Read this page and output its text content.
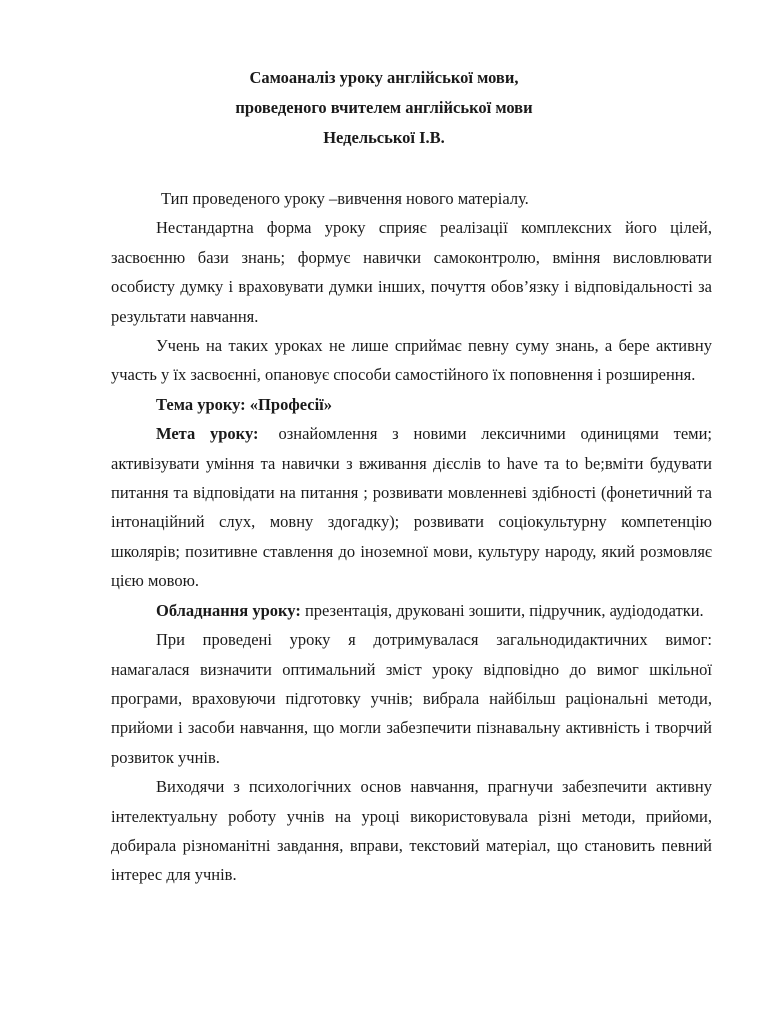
Самоаналіз уроку англійської мови,
проведеного вчителем англійської мови
Недельської І.В.

Тип проведеного уроку –вивчення нового матеріалу.

Нестандартна форма уроку сприяє реалізації комплексних його цілей, засвоєнню бази знань; формує навички самоконтролю, вміння висловлювати особисту думку і враховувати думки інших, почуття обов’язку і відповідальності за результати навчання.

Учень на таких уроках не лише сприймає певну суму знань, а бере активну участь у їх засвоєнні, опановує способи самостійного їх поповнення і розширення.

Тема уроку: «Професії»

Мета уроку: ознайомлення з новими лексичними одиницями теми; активізувати уміння та навички з вживання дієслів to have та to be;вміти будувати питання та відповідати на питання ; розвивати мовленневі здібності (фонетичний та інтонаційний слух, мовну здогадку); розвивати соціокультурну компетенцію школярів; позитивне ставлення до іноземної мови, культуру народу, який розмовляє цією мовою.

Обладнання уроку: презентація, друковані зошити, підручник, аудіододатки.

При проведені уроку я дотримувалася загальнодидактичних вимог: намагалася визначити оптимальний зміст уроку відповідно до вимог шкільної програми, враховуючи підготовку учнів; вибрала найбільш раціональні методи, прийоми і засоби навчання, що могли забезпечити пізнавальну активність і творчий розвиток учнів.

Виходячи з психологічних основ навчання, прагнучи забезпечити активну інтелектуальну роботу учнів на уроці використовувала різні методи, прийоми, добирала різноманітні завдання, вправи, текстовий матеріал, що становить певний інтерес для учнів.
